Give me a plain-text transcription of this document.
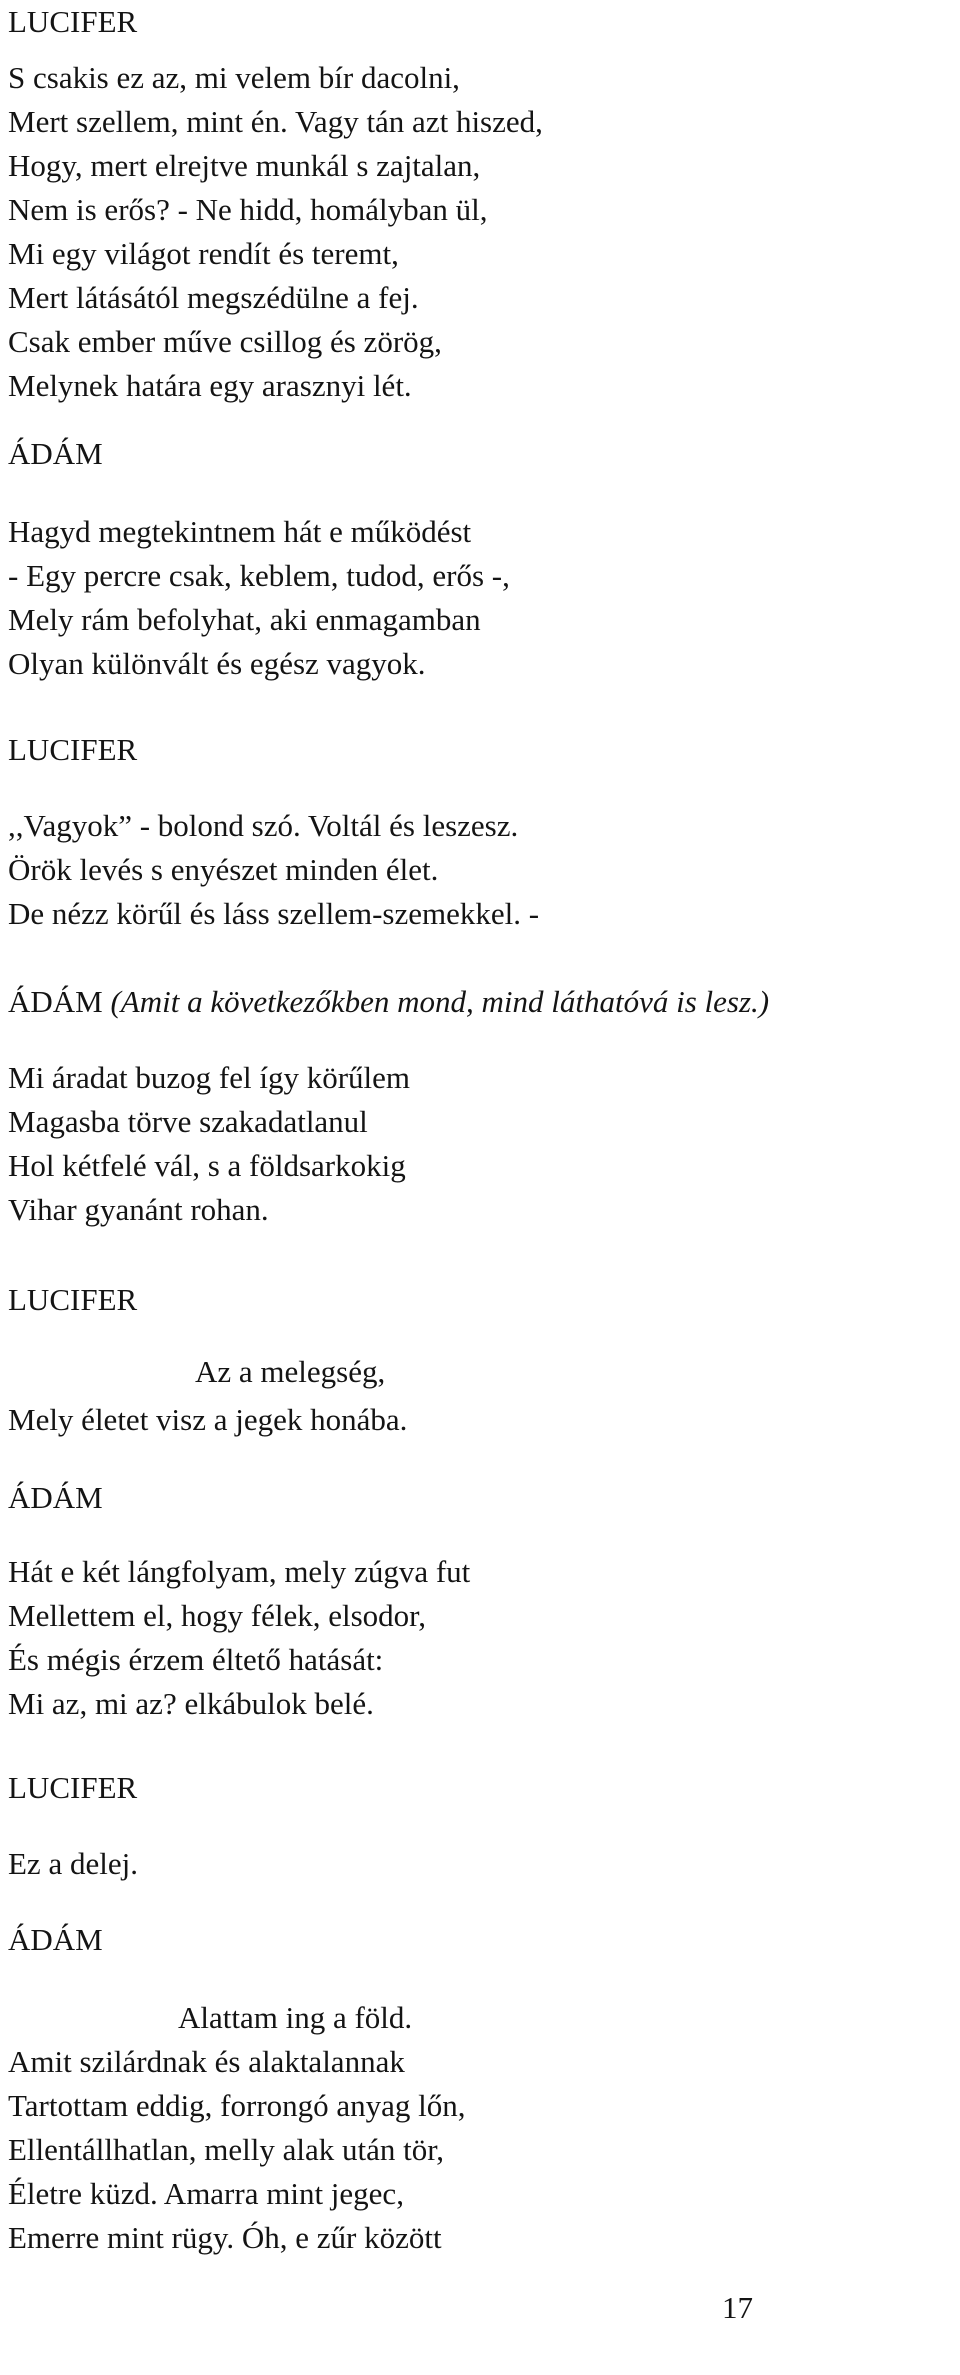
LUCIFER
S csakis ez az, mi velem bír dacolni,
Mert szellem, mint én. Vagy tán azt hiszed,
Hogy, mert elrejtve munkál s zajtalan,
Nem is erős? - Ne hidd, homályban ül,
Mi egy világot rendít és teremt,
Mert látásától megszédülne a fej.
Csak ember műve csillog és zörög,
Melynek határa egy arasznyi lét.
ÁDÁM
Hagyd megtekintnem hát e működést
- Egy percre csak, keblem, tudod, erős -,
Mely rám befolyhat, aki enmagamban
Olyan különvált és egész vagyok.
LUCIFER
,,Vagyok” - bolond szó. Voltál és leszesz.
Örök levés s enyészet minden élet.
De nézz körűl és láss szellem-szemekkel. -
ÁDÁM (Amit a következőkben mond, mind láthatóvá is lesz.)
Mi áradat buzog fel így körűlem
Magasba törve szakadatlanul
Hol kétfelé vál, s a földsarkokig
Vihar gyanánt rohan.
LUCIFER
Az a melegség,
Mely életet visz a jegek honába.
ÁDÁM
Hát e két lángfolyam, mely zúgva fut
Mellettem el, hogy félek, elsodor,
És mégis érzem éltető hatását:
Mi az, mi az? elkábulok belé.
LUCIFER
Ez a delej.
ÁDÁM
Alattam ing a föld.
Amit szilárdnak és alaktalannak
Tartottam eddig, forrongó anyag lőn,
Ellentállhatlan, melly alak után tör,
Életre küzd. Amarra mint jegec,
Emerre mint rügy. Óh, e zűr között
17
